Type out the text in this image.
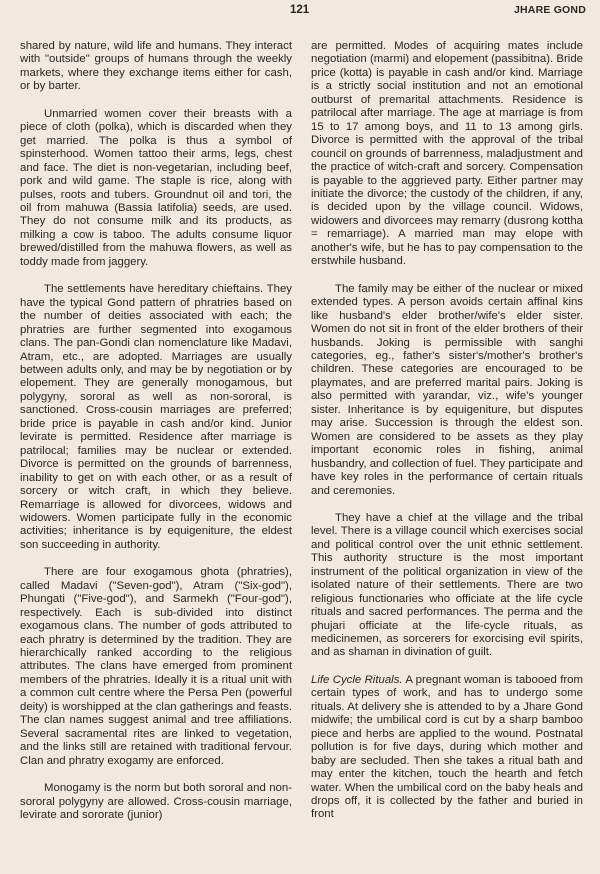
121	JHARE GOND

shared by nature, wild life and humans. They interact with "outside" groups of humans through the weekly markets, where they exchange items either for cash, or by barter.

Unmarried women cover their breasts with a piece of cloth (polka), which is discarded when they get married. The polka is thus a symbol of spinsterhood. Women tattoo their arms, legs, chest and face. The diet is non-vegetarian, including beef, pork and wild game. The staple is rice, along with pulses, roots and tubers. Groundnut oil and tori, the oil from mahuwa (Bassia latifolia) seeds, are used. They do not consume milk and its products, as milking a cow is taboo. The adults consume liquor brewed/distilled from the mahuwa flowers, as well as toddy made from jaggery.

The settlements have hereditary chieftains. They have the typical Gond pattern of phratries based on the number of deities associated with each; the phratries are further segmented into exogamous clans. The pan-Gondi clan nomenclature like Madavi, Atram, etc., are adopted. Marriages are usually between adults only, and may be by negotiation or by elopement. They are generally monogamous, but polygyny, sororal as well as non-sororal, is sanctioned. Cross-cousin marriages are preferred; bride price is payable in cash and/or kind. Junior levirate is permitted. Residence after marriage is patrilocal; families may be nuclear or extended. Divorce is permitted on the grounds of barrenness, inability to get on with each other, or as a result of sorcery or witch craft, in which they believe. Remarriage is allowed for divorcees, widows and widowers. Women participate fully in the economic activities; inheritance is by equigeniture, the eldest son succeeding in authority.

There are four exogamous ghota (phratries), called Madavi ("Seven-god"), Atram ("Six-god"), Phungati ("Five-god"), and Sarmekh ("Four-god"), respectively. Each is sub-divided into distinct exogamous clans. The number of gods attributed to each phratry is determined by the tradition. They are hierarchically ranked according to the religious attributes. The clans have emerged from prominent members of the phratries. Ideally it is a ritual unit with a common cult centre where the Persa Pen (powerful deity) is worshipped at the clan gatherings and feasts. The clan names suggest animal and tree affiliations. Several sacramental rites are linked to vegetation, and the links still are retained with traditional fervour. Clan and phratry exogamy are enforced.

Monogamy is the norm but both sororal and non-sororal polygyny are allowed. Cross-cousin marriage, levirate and sororate (junior)

are permitted. Modes of acquiring mates include negotiation (marmi) and elopement (passibitna). Bride price (kotta) is payable in cash and/or kind. Marriage is a strictly social institution and not an emotional outburst of premarital attachments. Residence is patrilocal after marriage. The age at marriage is from 15 to 17 among boys, and 11 to 13 among girls. Divorce is permitted with the approval of the tribal council on grounds of barrenness, maladjustment and the practice of witch-craft and sorcery. Compensation is payable to the aggrieved party. Either partner may initiate the divorce; the custody of the children, if any, is decided upon by the village council. Widows, widowers and divorcees may remarry (dusrong kottha = remarriage). A married man may elope with another's wife, but he has to pay compensation to the erstwhile husband.

The family may be either of the nuclear or mixed extended types. A person avoids certain affinal kins like husband's elder brother/wife's elder sister. Women do not sit in front of the elder brothers of their husbands. Joking is permissible with sanghi categories, eg., father's sister's/mother's brother's children. These categories are encouraged to be playmates, and are preferred marital pairs. Joking is also permitted with yarandar, viz., wife's younger sister. Inheritance is by equigeniture, but disputes may arise. Succession is through the eldest son. Women are considered to be assets as they play important economic roles in fishing, animal husbandry, and collection of fuel. They participate and have key roles in the performance of certain rituals and ceremonies.

They have a chief at the village and the tribal level. There is a village council which exercises social and political control over the unit ethnic settlement. This authority structure is the most important instrument of the political organization in view of the isolated nature of their settlements. There are two religious functionaries who officiate at the life cycle rituals and sacred performances. The perma and the phujari officiate at the life-cycle rituals, as medicinemen, as sorcerers for exorcising evil spirits, and as shaman in divination of guilt.

Life Cycle Rituals. A pregnant woman is tabooed from certain types of work, and has to undergo some rituals. At delivery she is attended to by a Jhare Gond midwife; the umbilical cord is cut by a sharp bamboo piece and herbs are applied to the wound. Postnatal pollution is for five days, during which mother and baby are secluded. Then she takes a ritual bath and may enter the kitchen, touch the hearth and fetch water. When the umbilical cord on the baby heals and drops off, it is collected by the father and buried in front
